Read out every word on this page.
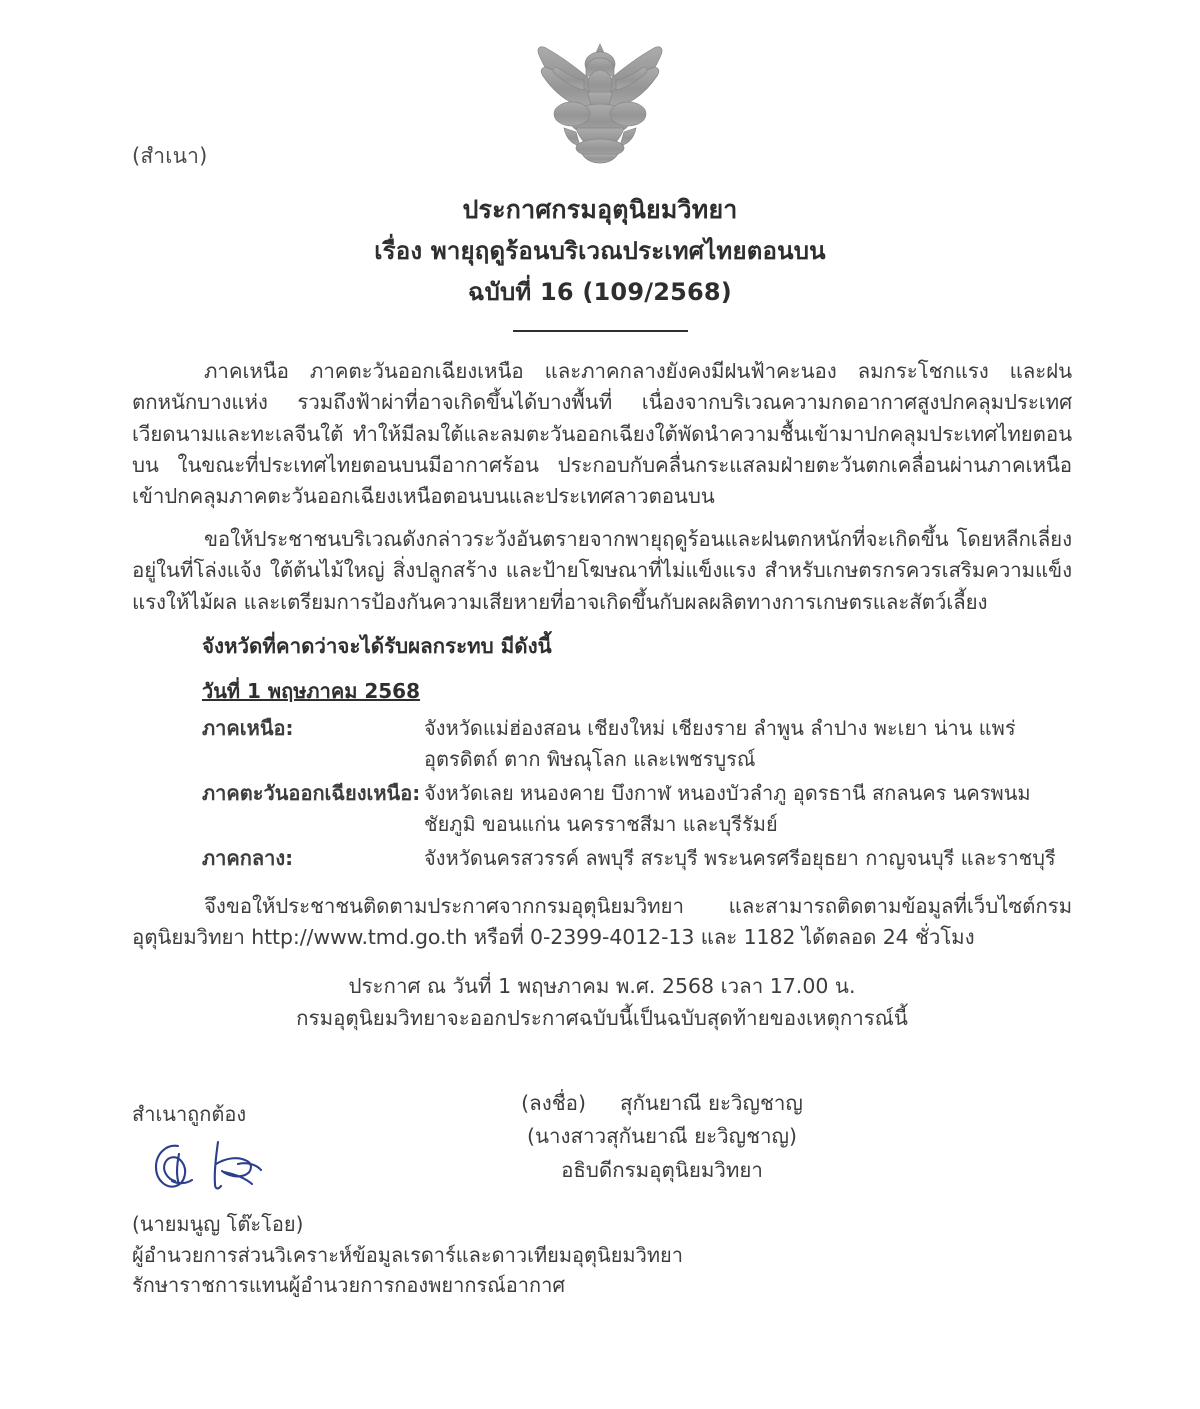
(สำเนา)
ประกาศกรมอุตุนิยมวิทยา
เรื่อง พายุฤดูร้อนบริเวณประเทศไทยตอนบน
ฉบับที่ 16 (109/2568)

ภาคเหนือ ภาคตะวันออกเฉียงเหนือ และภาคกลางยังคงมีฝนฟ้าคะนอง ลมกระโชกแรง และฝนตกหนักบางแห่ง รวมถึงฟ้าผ่าที่อาจเกิดขึ้นได้บางพื้นที่ เนื่องจากบริเวณความกดอากาศสูงปกคลุมประเทศเวียดนามและทะเลจีนใต้ ทำให้มีลมใต้และลมตะวันออกเฉียงใต้พัดนำความชื้นเข้ามาปกคลุมประเทศไทยตอนบน ในขณะที่ประเทศไทยตอนบนมีอากาศร้อน ประกอบกับคลื่นกระแสลมฝ่ายตะวันตกเคลื่อนผ่านภาคเหนือเข้าปกคลุมภาคตะวันออกเฉียงเหนือตอนบนและประเทศลาวตอนบน

ขอให้ประชาชนบริเวณดังกล่าวระวังอันตรายจากพายุฤดูร้อนและฝนตกหนักที่จะเกิดขึ้น โดยหลีกเลี่ยงอยู่ในที่โล่งแจ้ง ใต้ต้นไม้ใหญ่ สิ่งปลูกสร้าง และป้ายโฆษณาที่ไม่แข็งแรง สำหรับเกษตรกรควรเสริมความแข็งแรงให้ไม้ผล และเตรียมการป้องกันความเสียหายที่อาจเกิดขึ้นกับผลผลิตทางการเกษตรและสัตว์เลี้ยง

จังหวัดที่คาดว่าจะได้รับผลกระทบ มีดังนี้
วันที่ 1 พฤษภาคม 2568
ภาคเหนือ:	จังหวัดแม่ฮ่องสอน เชียงใหม่ เชียงราย ลำพูน ลำปาง พะเยา น่าน แพร่
อุตรดิตถ์ ตาก พิษณุโลก และเพชรบูรณ์

ภาคตะวันออกเฉียงเหนือ:	จังหวัดเลย หนองคาย บึงกาฬ หนองบัวลำภู อุดรธานี สกลนคร นครพนม
ชัยภูมิ ขอนแก่น นครราชสีมา และบุรีรัมย์

ภาคกลาง:	จังหวัดนครสวรรค์ ลพบุรี สระบุรี พระนครศรีอยุธยา กาญจนบุรี และราชบุรี

จึงขอให้ประชาชนติดตามประกาศจากกรมอุตุนิยมวิทยา และสามารถติดตามข้อมูลที่เว็บไซต์กรมอุตุนิยมวิทยา http://www.tmd.go.th หรือที่ 0-2399-4012-13 และ 1182 ได้ตลอด 24 ชั่วโมง

ประกาศ ณ วันที่ 1 พฤษภาคม พ.ศ. 2568 เวลา 17.00 น.
กรมอุตุนิยมวิทยาจะออกประกาศฉบับนี้เป็นฉบับสุดท้ายของเหตุการณ์นี้
(ลงชื่อ) สุกันยาณี ยะวิญชาญ
(นางสาวสุกันยาณี ยะวิญชาญ)
อธิบดีกรมอุตุนิยมวิทยา
สำเนาถูกต้อง
(นายมนูญ โต๊ะโอย)
ผู้อำนวยการส่วนวิเคราะห์ข้อมูลเรดาร์และดาวเทียมอุตุนิยมวิทยา
รักษาราชการแทนผู้อำนวยการกองพยากรณ์อากาศ
